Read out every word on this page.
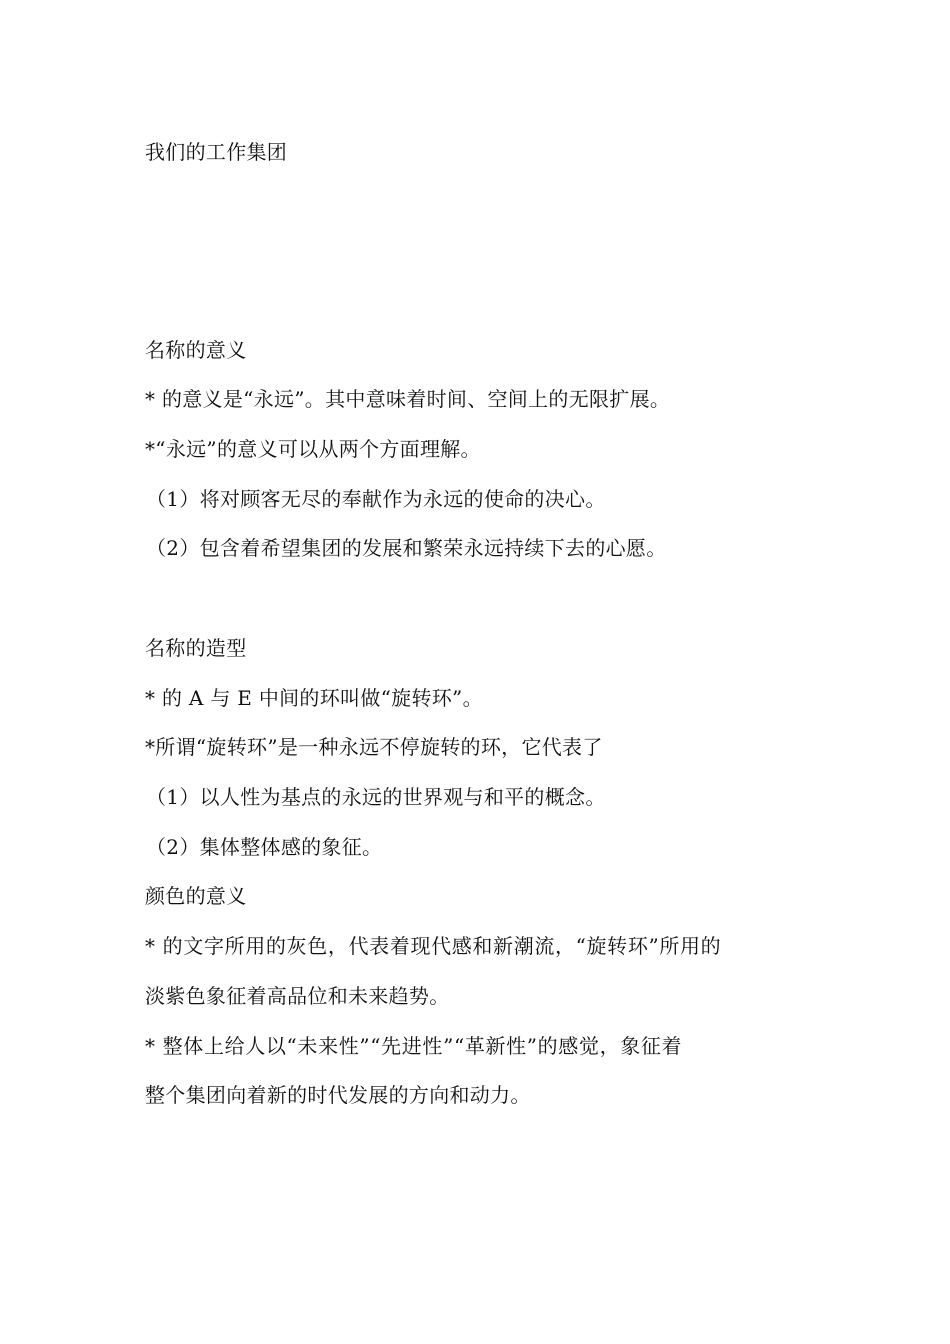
我们的工作集团
名称的意义
* 的意义是“永远”。其中意味着时间、空间上的无限扩展。
*“永远”的意义可以从两个方面理解。
（1）将对顾客无尽的奉献作为永远的使命的决心。
（2）包含着希望集团的发展和繁荣永远持续下去的心愿。
名称的造型
* 的 A 与 E 中间的环叫做“旋转环”。
*所谓“旋转环”是一种永远不停旋转的环，它代表了
（1）以人性为基点的永远的世界观与和平的概念。
（2）集体整体感的象征。
颜色的意义
* 的文字所用的灰色，代表着现代感和新潮流，“旋转环”所用的
淡紫色象征着高品位和未来趋势。
* 整体上给人以“未来性”“先进性”“革新性”的感觉，象征着
整个集团向着新的时代发展的方向和动力。
